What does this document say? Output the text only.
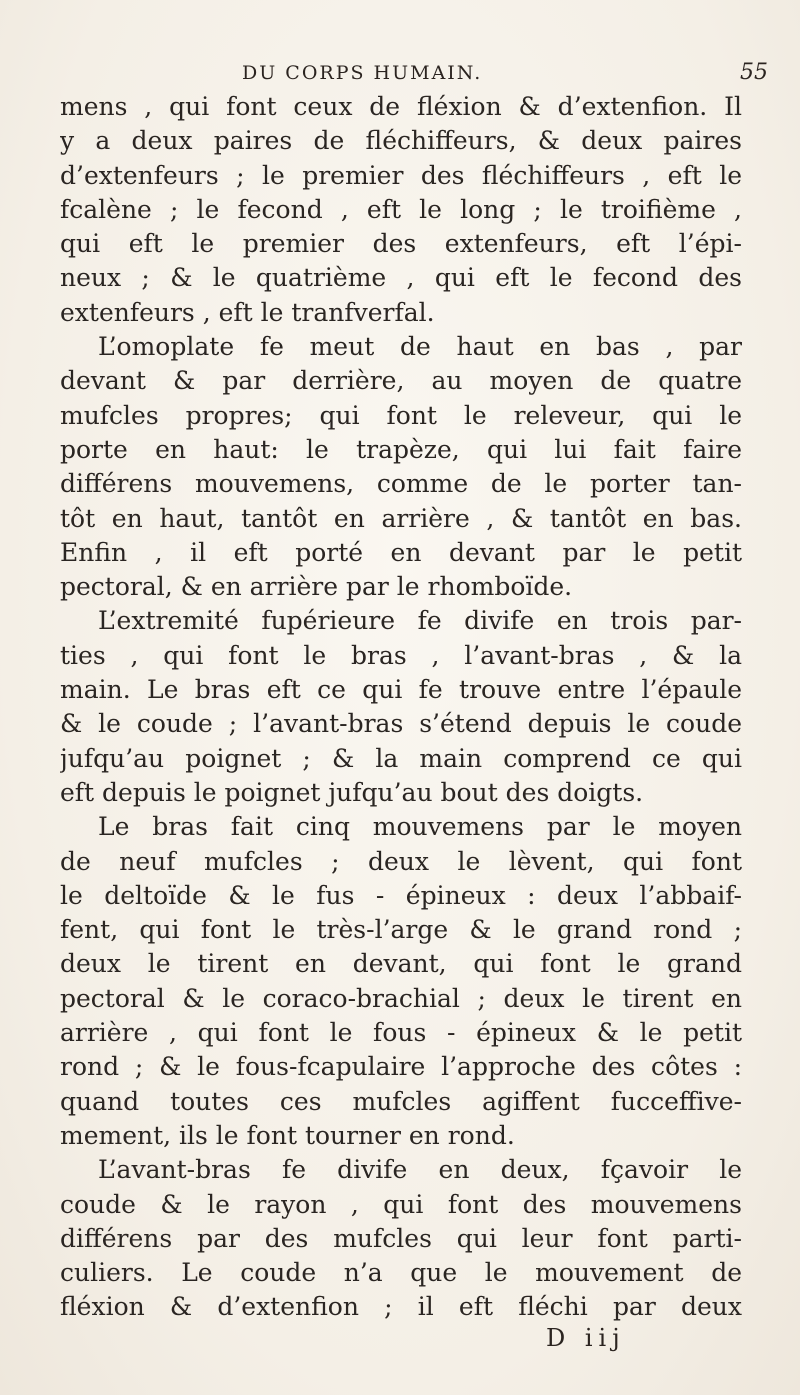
DU CORPS HUMAIN.	55
mens , qui font ceux de fléxion & d’extenfion. Il
y a deux paires de fléchiffeurs, & deux paires
d’extenfeurs ; le premier des fléchiffeurs , eft le
fcalène ; le fecond , eft le long ; le troifième ,
qui eft le premier des extenfeurs, eft l’épi-
neux ; & le quatrième , qui eft le fecond des
extenfeurs , eft le tranfverfal.
L’omoplate fe meut de haut en bas , par
devant & par derrière, au moyen de quatre
mufcles propres; qui font le releveur, qui le
porte en haut: le trapèze, qui lui fait faire
différens mouvemens, comme de le porter tan-
tôt en haut, tantôt en arrière , & tantôt en bas.
Enfin , il eft porté en devant par le petit
pectoral, & en arrière par le rhomboïde.
L’extremité fupérieure fe divife en trois par-
ties , qui font le bras , l’avant-bras , & la
main. Le bras eft ce qui fe trouve entre l’épaule
& le coude ; l’avant-bras s’étend depuis le coude
jufqu’au poignet ; & la main comprend ce qui
eft depuis le poignet jufqu’au bout des doigts.
Le bras fait cinq mouvemens par le moyen
de neuf mufcles ; deux le lèvent, qui font
le deltoïde & le fus - épineux : deux l’abbaif-
fent, qui font le très-l’arge & le grand rond ;
deux le tirent en devant, qui font le grand
pectoral & le coraco-brachial ; deux le tirent en
arrière , qui font le fous - épineux & le petit
rond ; & le fous-fcapulaire l’approche des côtes :
quand toutes ces mufcles agiffent fucceffive-
mement, ils le font tourner en rond.
L’avant-bras fe divife en deux, fçavoir le
coude & le rayon , qui font des mouvemens
différens par des mufcles qui leur font parti-
culiers. Le coude n’a que le mouvement de
fléxion & d’extenfion ; il eft fléchi par deux
D iij
